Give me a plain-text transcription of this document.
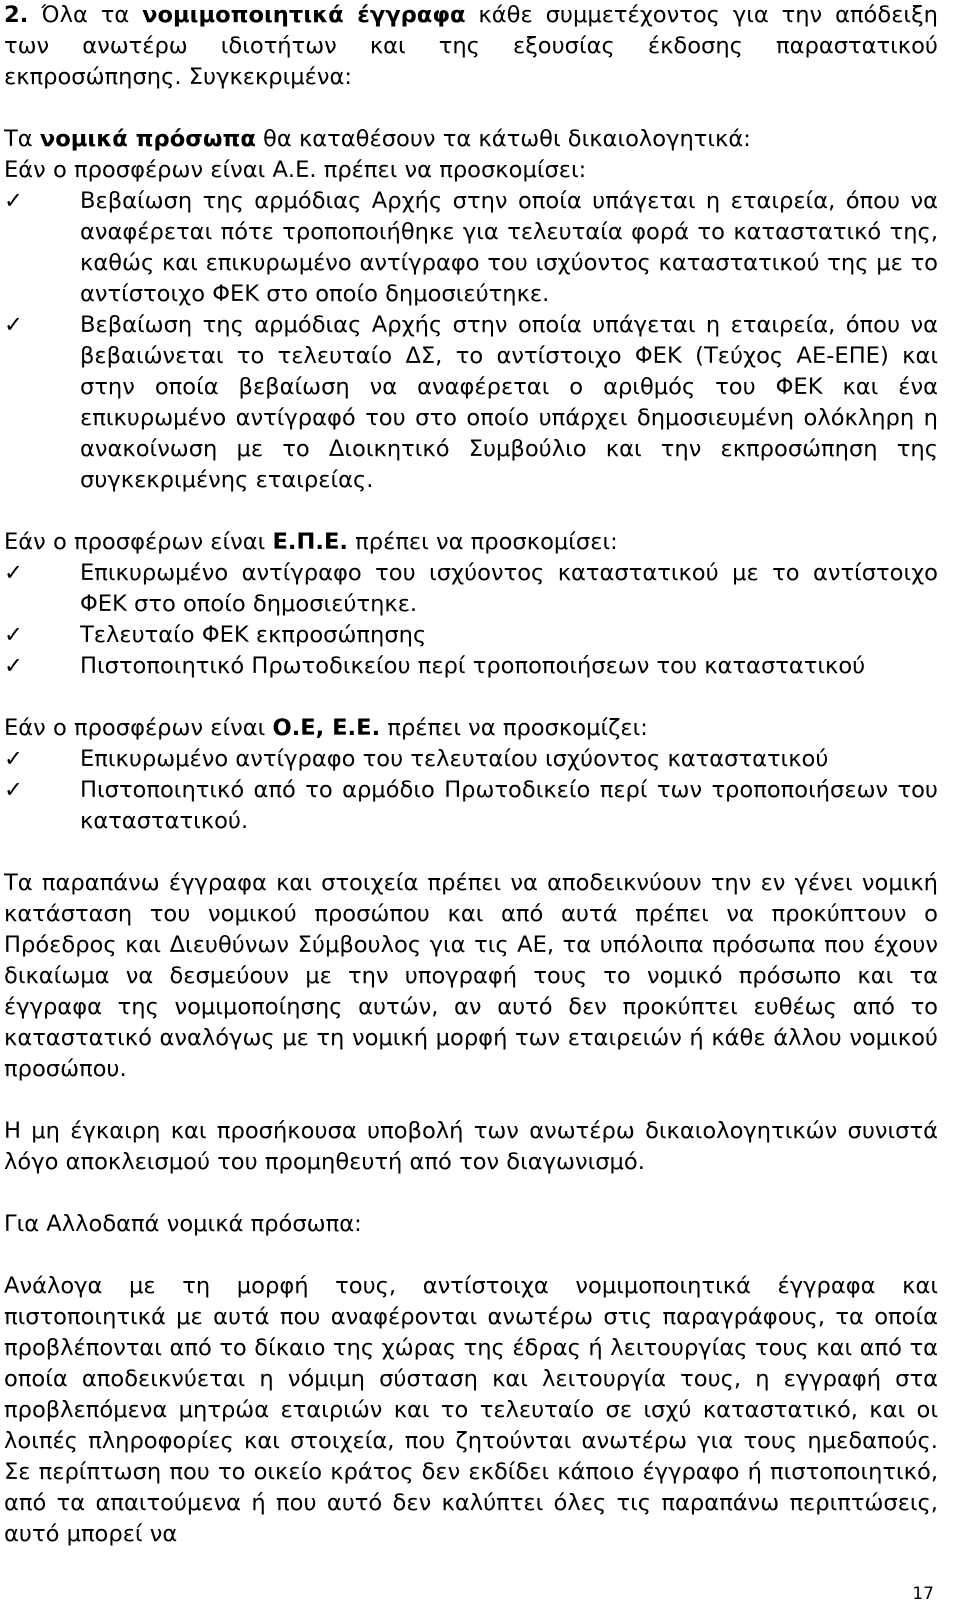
2. Όλα τα νομιμοποιητικά έγγραφα κάθε συμμετέχοντος για την απόδειξη των ανωτέρω ιδιοτήτων και της εξουσίας έκδοσης παραστατικού εκπροσώπησης. Συγκεκριμένα:

Τα νομικά πρόσωπα θα καταθέσουν τα κάτωθι δικαιολογητικά:

Εάν ο προσφέρων είναι Α.Ε. πρέπει να προσκομίσει:

✓	Βεβαίωση της αρμόδιας Αρχής στην οποία υπάγεται η εταιρεία, όπου να αναφέρεται πότε τροποποιήθηκε για τελευταία φορά το καταστατικό της, καθώς και επικυρωμένο αντίγραφο του ισχύοντος καταστατικού της με το αντίστοιχο ΦΕΚ στο οποίο δημοσιεύτηκε.
✓	Βεβαίωση της αρμόδιας Αρχής στην οποία υπάγεται η εταιρεία, όπου να βεβαιώνεται το τελευταίο ΔΣ, το αντίστοιχο ΦΕΚ (Τεύχος ΑΕ-ΕΠΕ) και στην οποία βεβαίωση να αναφέρεται ο αριθμός του ΦΕΚ και ένα επικυρωμένο αντίγραφό του στο οποίο υπάρχει δημοσιευμένη ολόκληρη η ανακοίνωση με το Διοικητικό Συμβούλιο και την εκπροσώπηση της συγκεκριμένης εταιρείας.

Εάν ο προσφέρων είναι Ε.Π.Ε. πρέπει να προσκομίσει:

✓	Επικυρωμένο αντίγραφο του ισχύοντος καταστατικού με το αντίστοιχο ΦΕΚ στο οποίο δημοσιεύτηκε.
✓	Τελευταίο ΦΕΚ εκπροσώπησης
✓	Πιστοποιητικό Πρωτοδικείου περί τροποποιήσεων του καταστατικού

Εάν ο προσφέρων είναι Ο.Ε, Ε.Ε. πρέπει να προσκομίζει:

✓	Επικυρωμένο αντίγραφο του τελευταίου ισχύοντος καταστατικού
✓	Πιστοποιητικό από το αρμόδιο Πρωτοδικείο περί των τροποποιήσεων του καταστατικού.

Τα παραπάνω έγγραφα και στοιχεία πρέπει να αποδεικνύουν την εν γένει νομική κατάσταση του νομικού προσώπου και από αυτά πρέπει να προκύπτουν ο Πρόεδρος και Διευθύνων Σύμβουλος για τις ΑΕ, τα υπόλοιπα πρόσωπα που έχουν δικαίωμα να δεσμεύουν με την υπογραφή τους το νομικό πρόσωπο και τα έγγραφα της νομιμοποίησης αυτών, αν αυτό δεν προκύπτει ευθέως από το καταστατικό αναλόγως με τη νομική μορφή των εταιρειών ή κάθε άλλου νομικού προσώπου.

Η μη έγκαιρη και προσήκουσα υποβολή των ανωτέρω δικαιολογητικών συνιστά λόγο αποκλεισμού του προμηθευτή από τον διαγωνισμό.

Για Αλλοδαπά νομικά πρόσωπα:

Ανάλογα με τη μορφή τους, αντίστοιχα νομιμοποιητικά έγγραφα και πιστοποιητικά με αυτά που αναφέρονται ανωτέρω στις παραγράφους, τα οποία προβλέπονται από το δίκαιο της χώρας της έδρας ή λειτουργίας τους και από τα οποία αποδεικνύεται η νόμιμη σύσταση και λειτουργία τους, η εγγραφή στα προβλεπόμενα μητρώα εταιριών και το τελευταίο σε ισχύ καταστατικό, και οι λοιπές πληροφορίες και στοιχεία, που ζητούνται ανωτέρω για τους ημεδαπούς. Σε περίπτωση που το οικείο κράτος δεν εκδίδει κάποιο έγγραφο ή πιστοποιητικό, από τα απαιτούμενα ή που αυτό δεν καλύπτει όλες τις παραπάνω περιπτώσεις, αυτό μπορεί να

17
